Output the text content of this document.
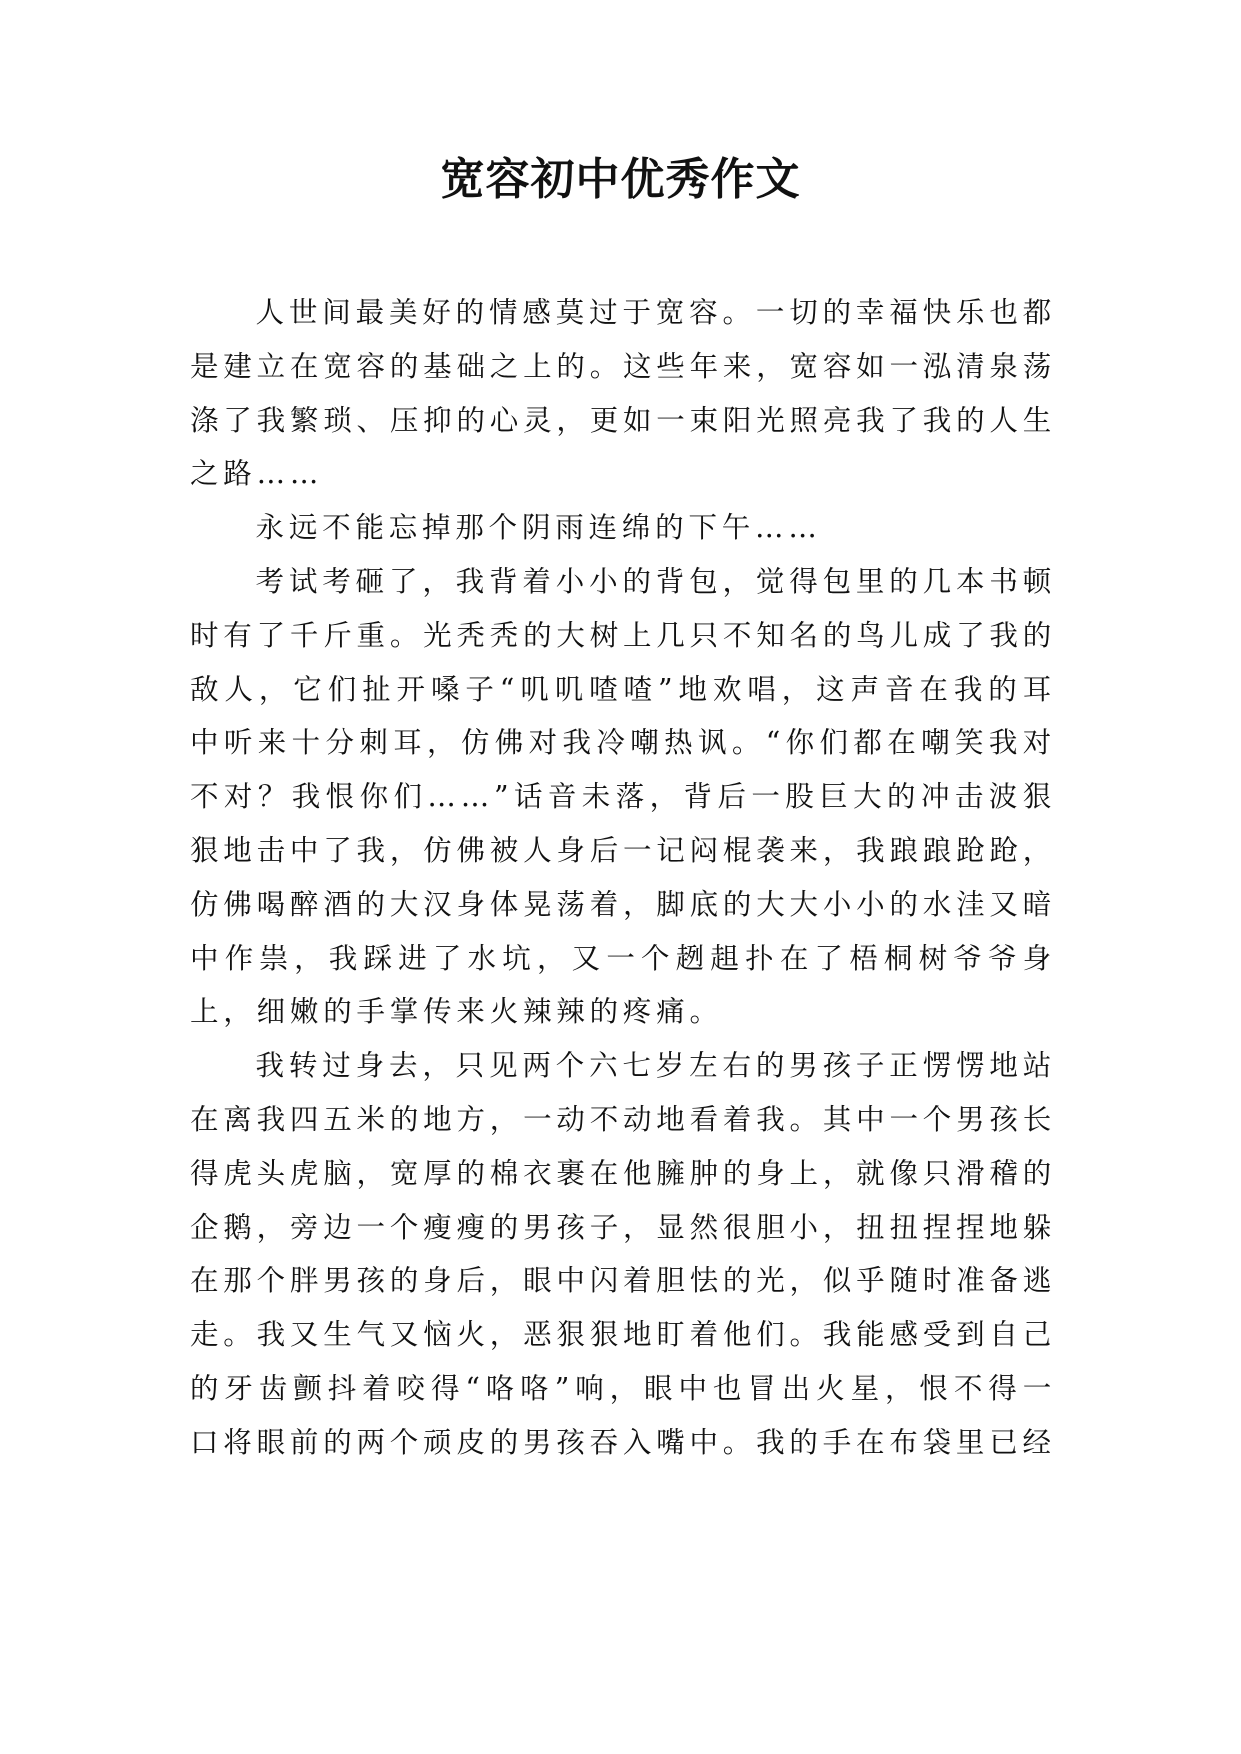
宽容初中优秀作文

人世间最美好的情感莫过于宽容。一切的幸福快乐也都是建立在宽容的基础之上的。这些年来，宽容如一泓清泉荡涤了我繁琐、压抑的心灵，更如一束阳光照亮我了我的人生之路……

永远不能忘掉那个阴雨连绵的下午……

考试考砸了，我背着小小的背包，觉得包里的几本书顿时有了千斤重。光秃秃的大树上几只不知名的鸟儿成了我的敌人，它们扯开嗓子“叽叽喳喳”地欢唱，这声音在我的耳中听来十分刺耳，仿佛对我冷嘲热讽。“你们都在嘲笑我对不对？我恨你们……”话音未落，背后一股巨大的冲击波狠狠地击中了我，仿佛被人身后一记闷棍袭来，我踉踉跄跄，仿佛喝醉酒的大汉身体晃荡着，脚底的大大小小的水洼又暗中作祟，我踩进了水坑，又一个趔趄扑在了梧桐树爷爷身上，细嫩的手掌传来火辣辣的疼痛。

我转过身去，只见两个六七岁左右的男孩子正愣愣地站在离我四五米的地方，一动不动地看着我。其中一个男孩长得虎头虎脑，宽厚的棉衣裹在他臃肿的身上，就像只滑稽的企鹅，旁边一个瘦瘦的男孩子，显然很胆小，扭扭捏捏地躲在那个胖男孩的身后，眼中闪着胆怯的光，似乎随时准备逃走。我又生气又恼火，恶狠狠地盯着他们。我能感受到自己的牙齿颤抖着咬得“咯咯”响，眼中也冒出火星，恨不得一口将眼前的两个顽皮的男孩吞入嘴中。我的手在布袋里已经
